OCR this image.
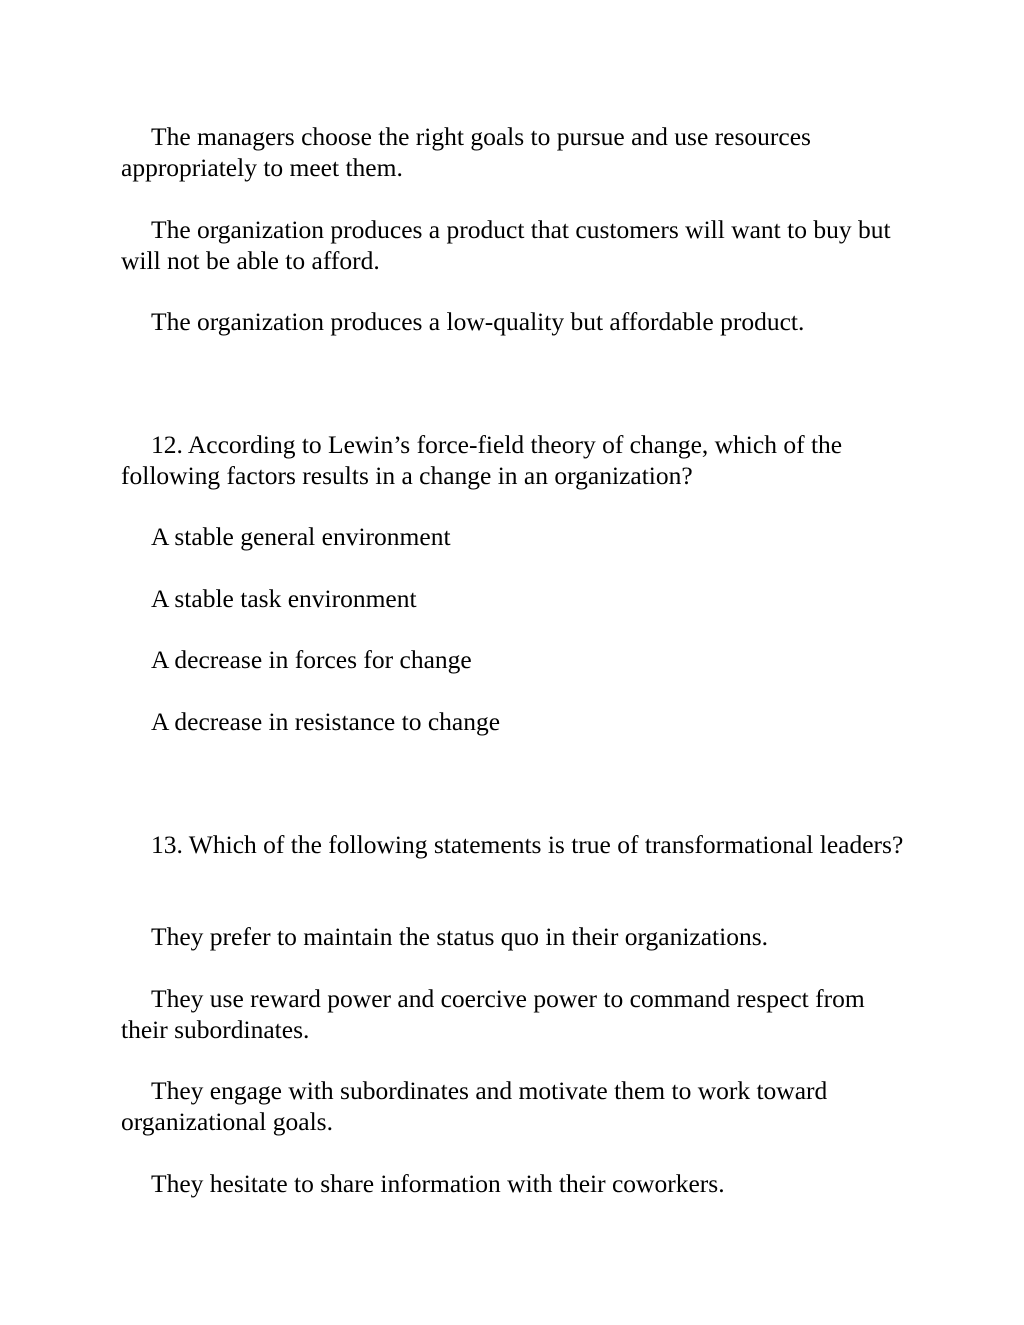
The managers choose the right goals to pursue and use resources appropriately to meet them.

The organization produces a product that customers will want to buy but will not be able to afford.

The organization produces a low-quality but affordable product.

12. According to Lewin’s force-field theory of change, which of the following factors results in a change in an organization?

A stable general environment

A stable task environment

A decrease in forces for change

A decrease in resistance to change

13. Which of the following statements is true of transformational leaders?

They prefer to maintain the status quo in their organizations.

They use reward power and coercive power to command respect from their subordinates.

They engage with subordinates and motivate them to work toward organizational goals.

They hesitate to share information with their coworkers.
